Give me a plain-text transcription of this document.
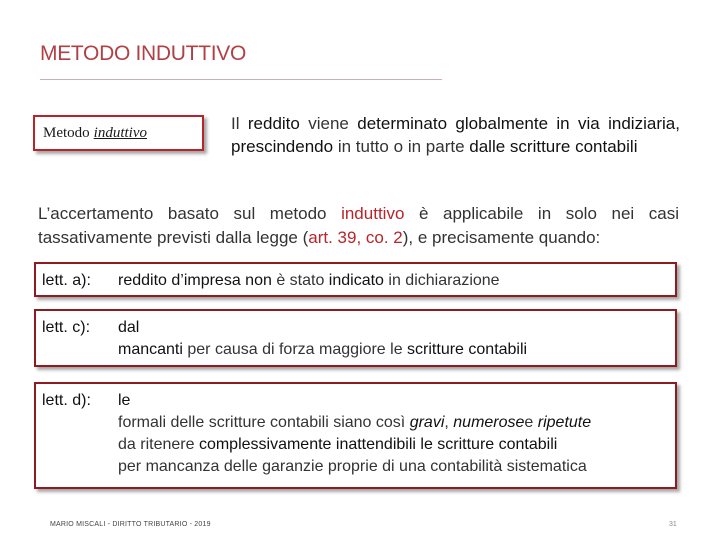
METODO INDUTTIVO
Metodo induttivo	Il reddito viene determinato globalmente in via indiziaria, prescindendo in tutto o in parte dalle scritture contabili
L’accertamento basato sul metodo induttivo è applicabile in solo nei casi tassativamente previsti dalla legge (art. 39, co. 2), e precisamente quando:
lett. a): reddito d’impresa non è stato indicato in dichiarazione
lett. c): dal
mancanti per causa di forza maggiore le scritture contabili
lett. d): le
formali delle scritture contabili siano così gravi, numerosee ripetute
da ritenere complessivamente inattendibili le scritture contabili
per mancanza delle garanzie proprie di una contabilità sistematica
MARIO MISCALI - DIRITTO TRIBUTARIO - 2019	31
